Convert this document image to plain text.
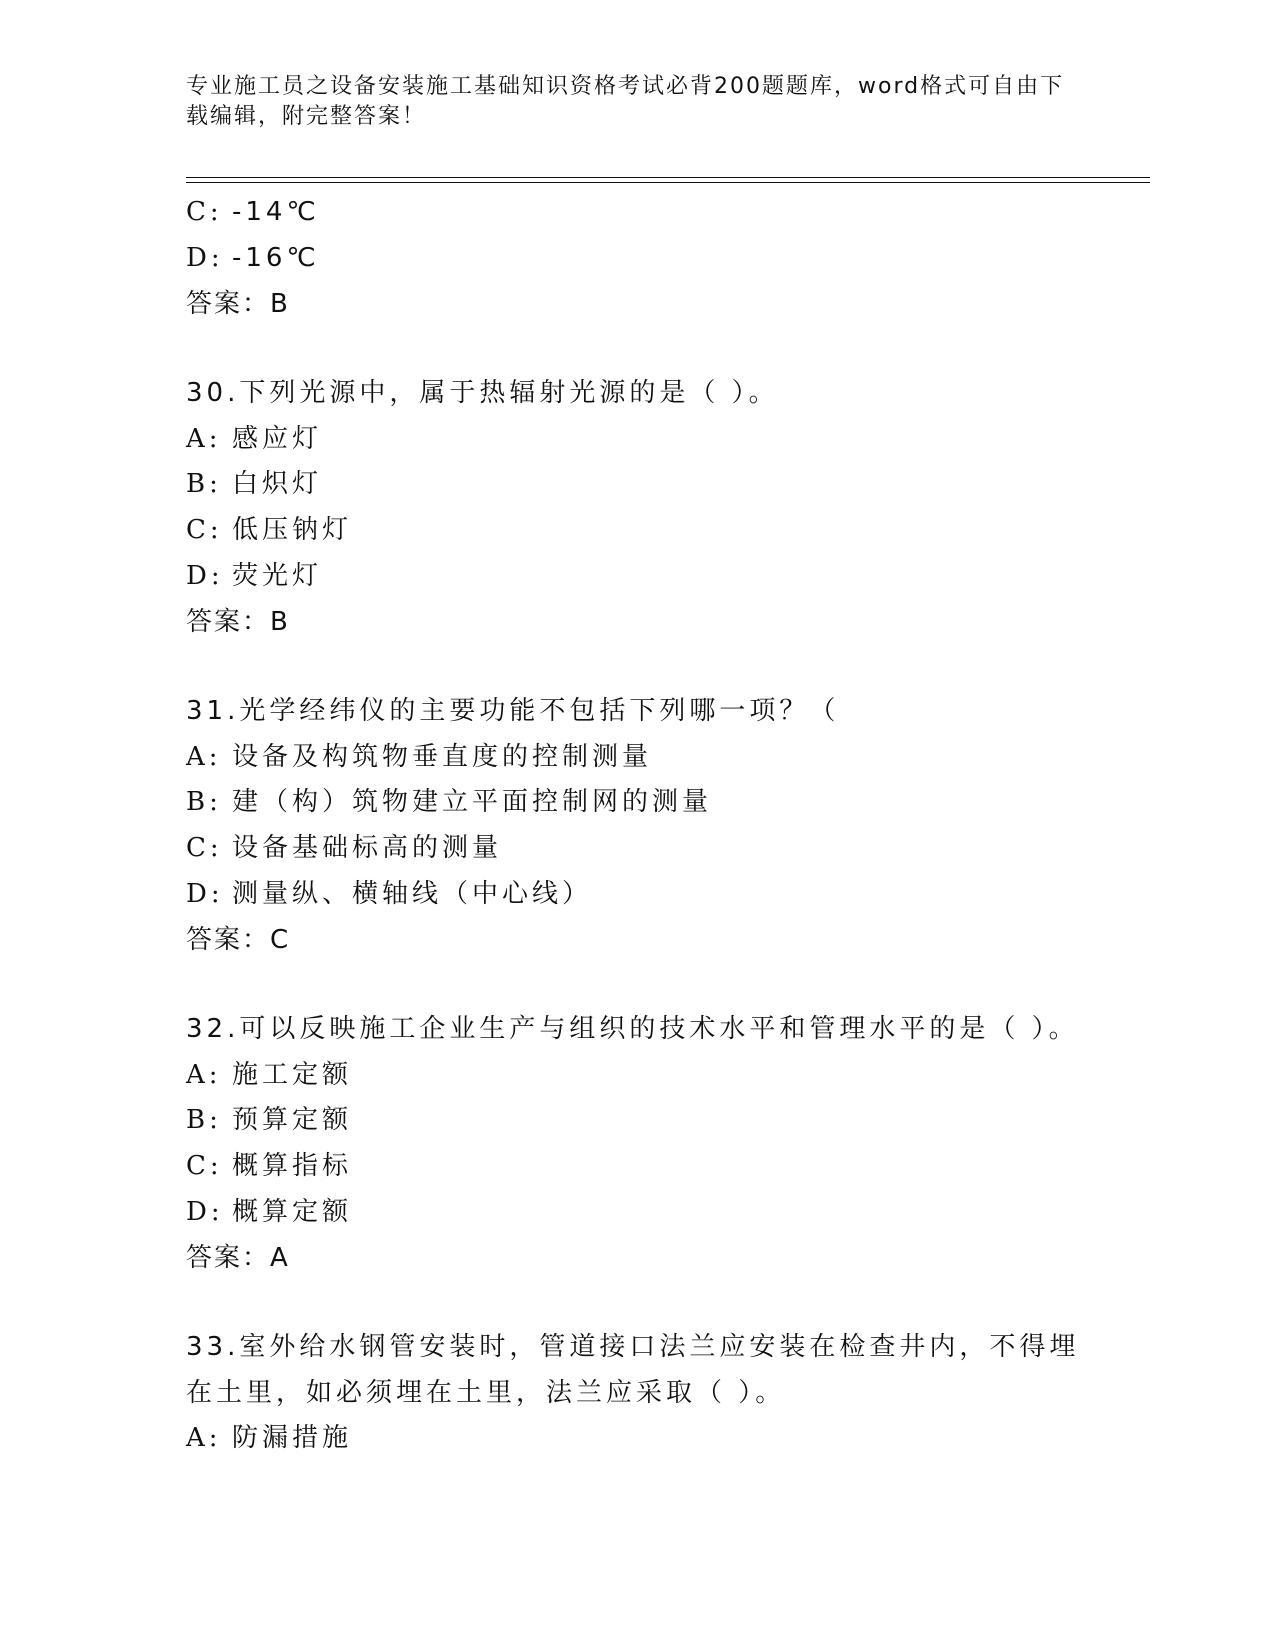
专业施工员之设备安装施工基础知识资格考试必背200题题库，word格式可自由下载编辑，附完整答案！
C: -14℃
D: -16℃
答案：B
30.下列光源中，属于热辐射光源的是（ ）。
A: 感应灯
B: 白炽灯
C: 低压钠灯
D: 荧光灯
答案：B
31.光学经纬仪的主要功能不包括下列哪一项？（
A: 设备及构筑物垂直度的控制测量
B: 建（构）筑物建立平面控制网的测量
C: 设备基础标高的测量
D: 测量纵、横轴线（中心线）
答案：C
32.可以反映施工企业生产与组织的技术水平和管理水平的是（ ）。
A: 施工定额
B: 预算定额
C: 概算指标
D: 概算定额
答案：A
33.室外给水钢管安装时，管道接口法兰应安装在检查井内，不得埋在土里，如必须埋在土里，法兰应采取（ ）。
A: 防漏措施
